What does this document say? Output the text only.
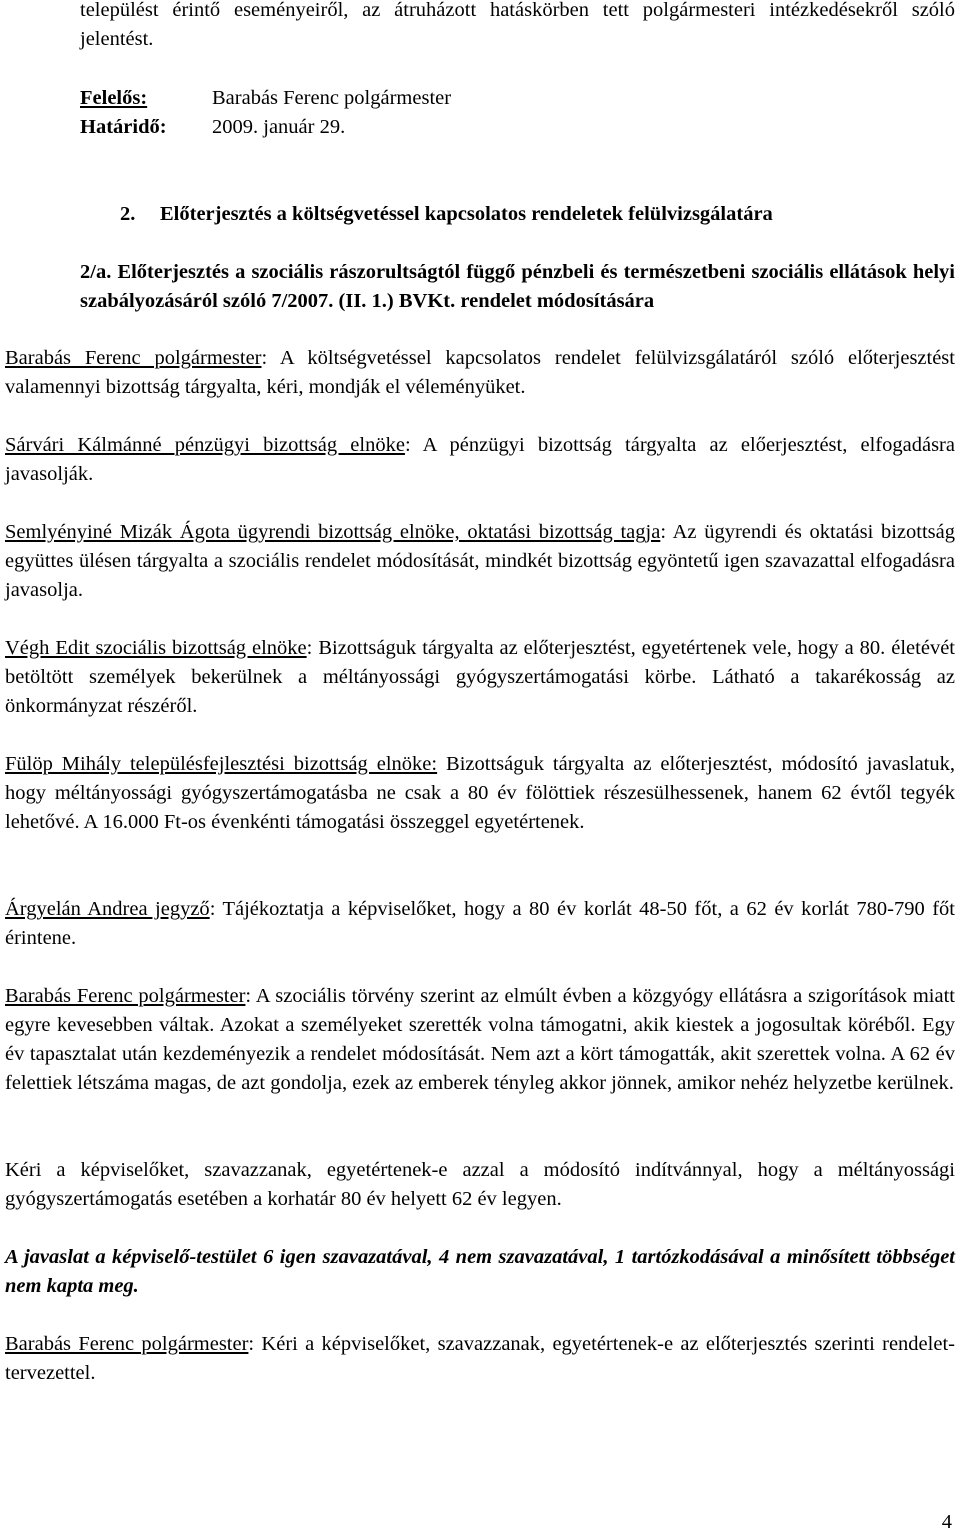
települést érintő eseményeiről, az átruházott hatáskörben tett polgármesteri intézkedésekről szóló jelentést.

Felelős:	Barabás Ferenc polgármester
Határidő: 2009. január 29.
2. Előterjesztés a költségvetéssel kapcsolatos rendeletek felülvizsgálatára

2/a. Előterjesztés a szociális rászorultságtól függő pénzbeli és természetbeni szociális ellátások helyi szabályozásáról szóló 7/2007. (II. 1.) BVKt. rendelet módosítására

Barabás Ferenc polgármester: A költségvetéssel kapcsolatos rendelet felülvizsgálatáról szóló előterjesztést valamennyi bizottság tárgyalta, kéri, mondják el véleményüket.

Sárvári Kálmánné pénzügyi bizottság elnöke: A pénzügyi bizottság tárgyalta az előerjesztést, elfogadásra javasolják.

Semlyényiné Mizák Ágota ügyrendi bizottság elnöke, oktatási bizottság tagja: Az ügyrendi és oktatási bizottság együttes ülésen tárgyalta a szociális rendelet módosítását, mindkét bizottság egyöntetű igen szavazattal elfogadásra javasolja.

Végh Edit szociális bizottság elnöke: Bizottságuk tárgyalta az előterjesztést, egyetértenek vele, hogy a 80. életévét betöltött személyek bekerülnek a méltányossági gyógyszertámogatási körbe. Látható a takarékosság az önkormányzat részéről.

Fülöp Mihály településfejlesztési bizottság elnöke: Bizottságuk tárgyalta az előterjesztést, módosító javaslatuk, hogy méltányossági gyógyszertámogatásba ne csak a 80 év fölöttiek részesülhessenek, hanem 62 évtől tegyék lehetővé. A 16.000 Ft-os évenkénti támogatási összeggel egyetértenek.

Árgyelán Andrea jegyző: Tájékoztatja a képviselőket, hogy a 80 év korlát 48-50 főt, a 62 év korlát 780-790 főt érintene.

Barabás Ferenc polgármester: A szociális törvény szerint az elmúlt évben a közgyógy ellátásra a szigorítások miatt egyre kevesebben váltak. Azokat a személyeket szerették volna támogatni, akik kiestek a jogosultak köréből. Egy év tapasztalat után kezdeményezik a rendelet módosítását. Nem azt a kört támogatták, akit szerettek volna. A 62 év felettiek létszáma magas, de azt gondolja, ezek az emberek tényleg akkor jönnek, amikor nehéz helyzetbe kerülnek.

Kéri a képviselőket, szavazzanak, egyetértenek-e azzal a módosító indítvánnyal, hogy a méltányossági gyógyszertámogatás esetében a korhatár 80 év helyett 62 év legyen.

A javaslat a képviselő-testület 6 igen szavazatával, 4 nem szavazatával, 1 tartózkodásával a minősített többséget nem kapta meg.

Barabás Ferenc polgármester: Kéri a képviselőket, szavazzanak, egyetértenek-e az előterjesztés szerinti rendelet-tervezettel.

4
